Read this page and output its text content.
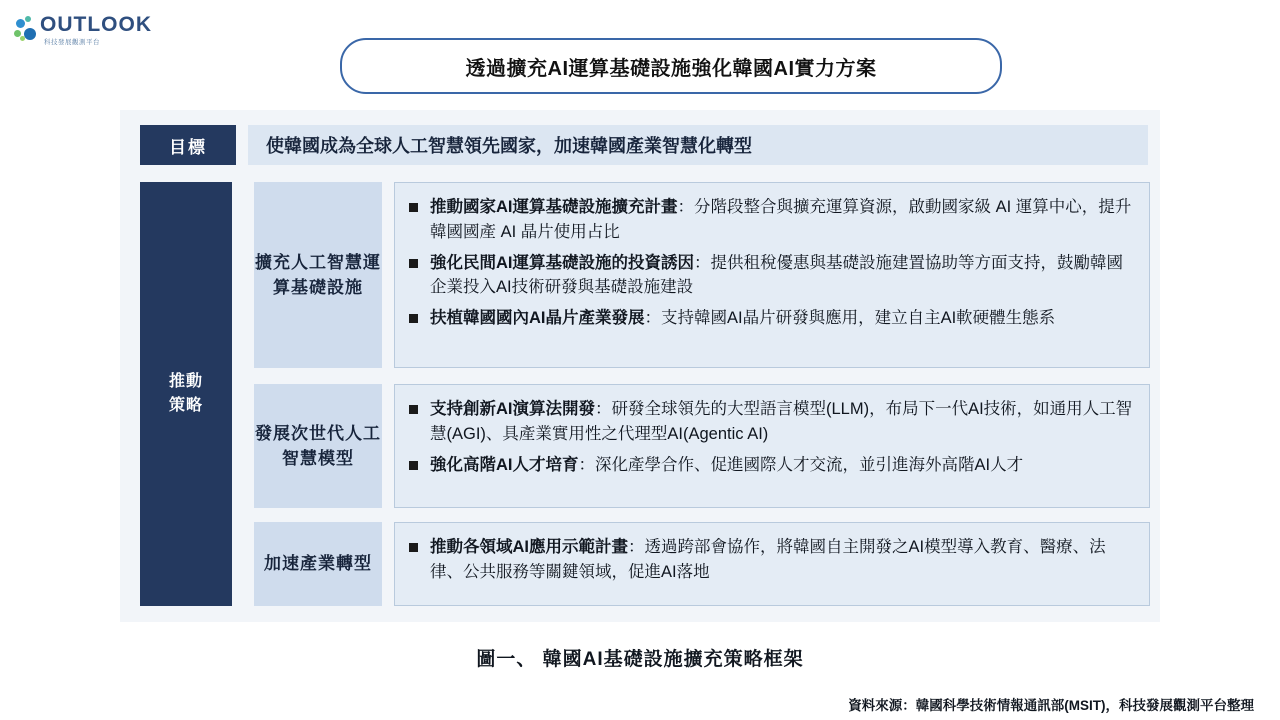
OUTLOOK
科技發展觀測平台
透過擴充AI運算基礎設施強化韓國AI實力方案
目標	使韓國成為全球人工智慧領先國家，加速韓國產業智慧化轉型
推動
策略
擴充人工智慧運算基礎設施
推動國家AI運算基礎設施擴充計畫：分階段整合與擴充運算資源，啟動國家級 AI 運算中心，提升韓國國產 AI 晶片使用占比
強化民間AI運算基礎設施的投資誘因：提供租稅優惠與基礎設施建置協助等方面支持，鼓勵韓國企業投入AI技術研發與基礎設施建設
扶植韓國國內AI晶片產業發展：支持韓國AI晶片研發與應用，建立自主AI軟硬體生態系
發展次世代人工智慧模型
支持創新AI演算法開發：研發全球領先的大型語言模型(LLM)，布局下一代AI技術，如通用人工智慧(AGI)、具產業實用性之代理型AI(Agentic AI)
強化高階AI人才培育：深化產學合作、促進國際人才交流，並引進海外高階AI人才
加速產業轉型
推動各領域AI應用示範計畫：透過跨部會協作，將韓國自主開發之AI模型導入教育、醫療、法律、公共服務等關鍵領域，促進AI落地
圖一、 韓國AI基礎設施擴充策略框架
資料來源：韓國科學技術情報通訊部(MSIT)，科技發展觀測平台整理
